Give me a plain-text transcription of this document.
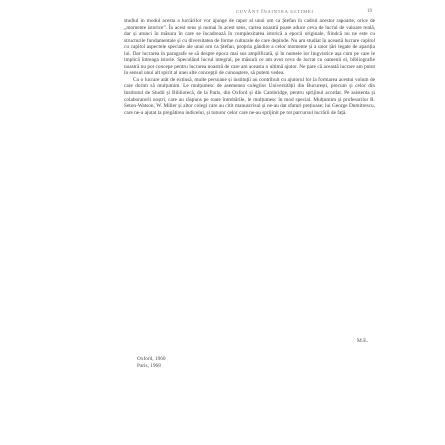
CUVÂNT ÎNAINTEA ULTIMEI	19

studiul in modul acesta a lucrărilor vor ajunge de rapor al unui om ca Ștefan în cadrul acestor rapoarte, orice de „momente istorice”. În acest sens și numai în acest sens, cartea noastră poate aduce ceva de lucrul de valoare reală, dar și atunci în măsura în care se încadrează în complexitatea istorică a epocii originale, fiindcă nu ne este cu structurile fundamentale și cu diversitatea de forme culturale de care depinde. Nu am studiat în această lucrare capitol cu capitol aspectele speciale ale unui om ca Ștefan, propria gândire a celor momente și a unor țări legate de apariția lui. Dar lucrarea în paragrafe se să despre epoca mai sus amplificată, și în numele lor lingvistice așa cum pe care le implică întreaga istorie. Speculând lucrul integral, pe măsură ce am avut ceva de lucrat cu oamenii ei, bibliografie noastră nu pot concepe pentru lucrarea noastră de care am aceasta o ultimă ajutor. Ne pare că această lucrare am putut în sensul unui alt spirit al unei alte concepții de cunoaștere, să putem vedea.

Cu o lucrare atât de extinsă, multe persoane și instituții au contribuit cu ajutorul lor la formarea acestui volum de care dorim să mulțumim. Le mulțumesc de asemenea colegilor Universității din București, precum și celor din Institutul de Studii și Bibliotecă, de la Paris, din Oxford și din Cambridge, pentru sprijinul acordat. Pe asistenta și colaboratorii noștri, care au răspuns pe toate întrebările, le mulțumesc în mod special. Mulțumim și profesorilor R. Seton-Watson, W. Miller și altor colegi care au citit manuscrisul și ne-au dat sfaturi prețioase; lui George Dumitrescu, care ne-a ajutat la pregătirea indicelui, și tuturor celor care ne-au sprijinit pe tot parcursul lucrării de față.

M.E.
Oxford, 1960
Paris, 1968
